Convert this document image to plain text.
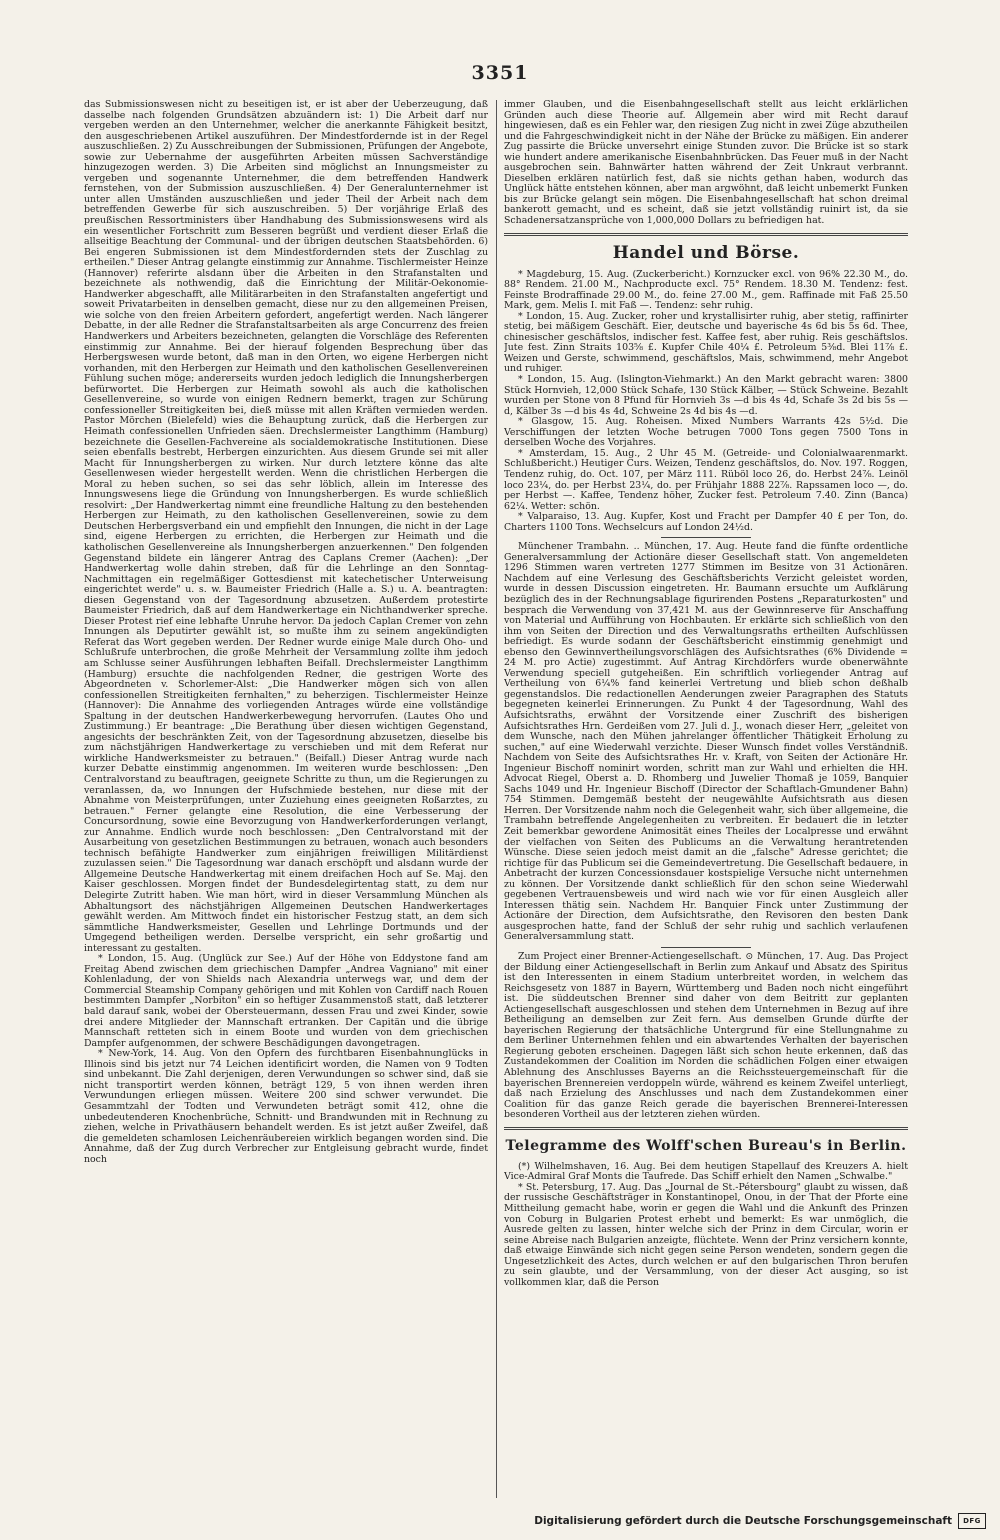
3351

das Submissionswesen nicht zu beseitigen ist, er ist aber der Ueberzeugung, daß dasselbe nach folgenden Grundsätzen abzuändern ist: 1) Die Arbeit darf nur vergeben werden an den Unternehmer, welcher die anerkannte Fähigkeit besitzt, den ausgeschriebenen Artikel auszuführen. Der Mindestfordernde ist in der Regel auszuschließen. 2) Zu Ausschreibungen der Submissionen, Prüfungen der Angebote, sowie zur Uebernahme der ausgeführten Arbeiten müssen Sachverständige hinzugezogen werden. 3) Die Arbeiten sind möglichst an Innungsmeister zu vergeben und sogenannte Unternehmer, die dem betreffenden Handwerk fernstehen, von der Submission auszuschließen. 4) Der Generalunternehmer ist unter allen Umständen auszuschließen und jeder Theil der Arbeit nach dem betreffenden Gewerbe für sich auszuschreiben. 5) Der vorjährige Erlaß des preußischen Ressortministers über Handhabung des Submissionswesens wird als ein wesentlicher Fortschritt zum Besseren begrüßt und verdient dieser Erlaß die allseitige Beachtung der Communal- und der übrigen deutschen Staatsbehörden. 6) Bei engeren Submissionen ist dem Mindestfordernden stets der Zuschlag zu ertheilen." Dieser Antrag gelangte einstimmig zur Annahme. Tischlermeister Heinze (Hannover) referirte alsdann über die Arbeiten in den Strafanstalten und bezeichnete als nothwendig, daß die Einrichtung der Militär-Oekonomie-Handwerker abgeschafft, alle Militärarbeiten in den Strafanstalten angefertigt und soweit Privatarbeiten in denselben gemacht, diese nur zu den allgemeinen Preisen, wie solche von den freien Arbeitern gefordert, angefertigt werden. Nach längerer Debatte, in der alle Redner die Strafanstaltsarbeiten als arge Concurrenz des freien Handwerkers und Arbeiters bezeichneten, gelangten die Vorschläge des Referenten einstimmig zur Annahme. Bei der hierauf folgenden Besprechung über das Herbergswesen wurde betont, daß man in den Orten, wo eigene Herbergen nicht vorhanden, mit den Herbergen zur Heimath und den katholischen Gesellenvereinen Fühlung suchen möge; andererseits wurden jedoch lediglich die Innungsherbergen befürwortet. Die Herbergen zur Heimath sowohl als auch die katholischen Gesellenvereine, so wurde von einigen Rednern bemerkt, tragen zur Schürung confessioneller Streitigkeiten bei, dieß müsse mit allen Kräften vermieden werden. Pastor Mörchen (Bielefeld) wies die Behauptung zurück, daß die Herbergen zur Heimath confessionellen Unfrieden säen. Drechslermeister Langthimm (Hamburg) bezeichnete die Gesellen-Fachvereine als socialdemokratische Institutionen. Diese seien ebenfalls bestrebt, Herbergen einzurichten. Aus diesem Grunde sei mit aller Macht für Innungsherbergen zu wirken. Nur durch letztere könne das alte Gesellenwesen wieder hergestellt werden. Wenn die christlichen Herbergen die Moral zu heben suchen, so sei das sehr löblich, allein im Interesse des Innungswesens liege die Gründung von Innungsherbergen. Es wurde schließlich resolvirt: „Der Handwerkertag nimmt eine freundliche Haltung zu den bestehenden Herbergen zur Heimath, zu den katholischen Gesellenvereinen, sowie zu dem Deutschen Herbergsverband ein und empfiehlt den Innungen, die nicht in der Lage sind, eigene Herbergen zu errichten, die Herbergen zur Heimath und die katholischen Gesellenvereine als Innungsherbergen anzuerkennen." Den folgenden Gegenstand bildete ein längerer Antrag des Caplans Cremer (Aachen): „Der Handwerkertag wolle dahin streben, daß für die Lehrlinge an den Sonntag-Nachmittagen ein regelmäßiger Gottesdienst mit katechetischer Unterweisung eingerichtet werde" u. s. w. Baumeister Friedrich (Halle a. S.) u. A. beantragten: diesen Gegenstand von der Tagesordnung abzusetzen. Außerdem protestirte Baumeister Friedrich, daß auf dem Handwerkertage ein Nichthandwerker spreche. Dieser Protest rief eine lebhafte Unruhe hervor. Da jedoch Caplan Cremer von zehn Innungen als Deputirter gewählt ist, so mußte ihm zu seinem angekündigten Referat das Wort gegeben werden. Der Redner wurde einige Male durch Oho- und Schlußrufe unterbrochen, die große Mehrheit der Versammlung zollte ihm jedoch am Schlusse seiner Ausführungen lebhaften Beifall. Drechslermeister Langthimm (Hamburg) ersuchte die nachfolgenden Redner, die gestrigen Worte des Abgeordneten v. Schorlemer-Alst: „Die Handwerker mögen sich von allen confessionellen Streitigkeiten fernhalten," zu beherzigen. Tischlermeister Heinze (Hannover): Die Annahme des vorliegenden Antrages würde eine vollständige Spaltung in der deutschen Handwerkerbewegung hervorrufen. (Lautes Oho und Zustimmung.) Er beantrage: „Die Berathung über diesen wichtigen Gegenstand, angesichts der beschränkten Zeit, von der Tagesordnung abzusetzen, dieselbe bis zum nächstjährigen Handwerkertage zu verschieben und mit dem Referat nur wirkliche Handwerksmeister zu betrauen." (Beifall.) Dieser Antrag wurde nach kurzer Debatte einstimmig angenommen. Im weiteren wurde beschlossen: „Den Centralvorstand zu beauftragen, geeignete Schritte zu thun, um die Regierungen zu veranlassen, da, wo Innungen der Hufschmiede bestehen, nur diese mit der Abnahme von Meisterprüfungen, unter Zuziehung eines geeigneten Roßarztes, zu betrauen." Ferner gelangte eine Resolution, die eine Verbesserung der Concursordnung, sowie eine Bevorzugung von Handwerkerforderungen verlangt, zur Annahme. Endlich wurde noch beschlossen: „Den Centralvorstand mit der Ausarbeitung von gesetzlichen Bestimmungen zu betrauen, wonach auch besonders technisch befähigte Handwerker zum einjährigen freiwilligen Militärdienst zuzulassen seien." Die Tagesordnung war danach erschöpft und alsdann wurde der Allgemeine Deutsche Handwerkertag mit einem dreifachen Hoch auf Se. Maj. den Kaiser geschlossen. Morgen findet der Bundesdelegirtentag statt, zu dem nur Delegirte Zutritt haben. Wie man hört, wird in dieser Versammlung München als Abhaltungsort des nächstjährigen Allgemeinen Deutschen Handwerkertages gewählt werden. Am Mittwoch findet ein historischer Festzug statt, an dem sich sämmtliche Handwerksmeister, Gesellen und Lehrlinge Dortmunds und der Umgegend betheiligen werden. Derselbe verspricht, ein sehr großartig und interessant zu gestalten.

* London, 15. Aug. (Unglück zur See.) Auf der Höhe von Eddystone fand am Freitag Abend zwischen dem griechischen Dampfer „Andrea Vagniano" mit einer Kohlenladung, der von Shields nach Alexandria unterwegs war, und dem der Commercial Steamship Company gehörigen und mit Kohlen von Cardiff nach Rouen bestimmten Dampfer „Norbiton" ein so heftiger Zusammenstoß statt, daß letzterer bald darauf sank, wobei der Obersteuermann, dessen Frau und zwei Kinder, sowie drei andere Mitglieder der Mannschaft ertranken. Der Capitän und die übrige Mannschaft retteten sich in einem Boote und wurden von dem griechischen Dampfer aufgenommen, der schwere Beschädigungen davongetragen.

* New-York, 14. Aug. Von den Opfern des furchtbaren Eisenbahnunglücks in Illinois sind bis jetzt nur 74 Leichen identificirt worden, die Namen von 9 Todten sind unbekannt. Die Zahl derjenigen, deren Verwundungen so schwer sind, daß sie nicht transportirt werden können, beträgt 129, 5 von ihnen werden ihren Verwundungen erliegen müssen. Weitere 200 sind schwer verwundet. Die Gesammtzahl der Todten und Verwundeten beträgt somit 412, ohne die unbedeutenderen Knochenbrüche, Schnitt- und Brandwunden mit in Rechnung zu ziehen, welche in Privathäusern behandelt werden. Es ist jetzt außer Zweifel, daß die gemeldeten schamlosen Leichenräubereien wirklich begangen worden sind. Die Annahme, daß der Zug durch Verbrecher zur Entgleisung gebracht wurde, findet noch

immer Glauben, und die Eisenbahngesellschaft stellt aus leicht erklärlichen Gründen auch diese Theorie auf. Allgemein aber wird mit Recht darauf hingewiesen, daß es ein Fehler war, den riesigen Zug nicht in zwei Züge abzutheilen und die Fahrgeschwindigkeit nicht in der Nähe der Brücke zu mäßigen. Ein anderer Zug passirte die Brücke unversehrt einige Stunden zuvor. Die Brücke ist so stark wie hundert andere amerikanische Eisenbahnbrücken. Das Feuer muß in der Nacht ausgebrochen sein. Bahnwärter hatten während der Zeit Unkraut verbrannt. Dieselben erklären natürlich fest, daß sie nichts gethan haben, wodurch das Unglück hätte entstehen können, aber man argwöhnt, daß leicht unbemerkt Funken bis zur Brücke gelangt sein mögen. Die Eisenbahngesellschaft hat schon dreimal bankerott gemacht, und es scheint, daß sie jetzt vollständig ruinirt ist, da sie Schadenersatzansprüche von 1,000,000 Dollars zu befriedigen hat.

Handel und Börse.

* Magdeburg, 15. Aug. (Zuckerbericht.) Kornzucker excl. von 96% 22.30 M., do. 88° Rendem. 21.00 M., Nachproducte excl. 75° Rendem. 18.30 M. Tendenz: fest. Feinste Brodraffinade 29.00 M., do. feine 27.00 M., gem. Raffinade mit Faß 25.50 Mark, gem. Melis I. mit Faß —. Tendenz: sehr ruhig.

* London, 15. Aug. Zucker, roher und krystallisirter ruhig, aber stetig, raffinirter stetig, bei mäßigem Geschäft. Eier, deutsche und bayerische 4s 6d bis 5s 6d. Thee, chinesischer geschäftslos, indischer fest. Kaffee fest, aber ruhig. Reis geschäftslos. Jute fest. Zinn Straits 103⅝ £. Kupfer Chile 40¼ £. Petroleum 5⅜d. Blei 11⅞ £. Weizen und Gerste, schwimmend, geschäftslos, Mais, schwimmend, mehr Angebot und ruhiger.

* London, 15. Aug. (Islington-Viehmarkt.) An den Markt gebracht waren: 3800 Stück Hornvieh, 12,000 Stück Schafe, 130 Stück Kälber, — Stück Schweine. Bezahlt wurden per Stone von 8 Pfund für Hornvieh 3s —d bis 4s 4d, Schafe 3s 2d bis 5s —d, Kälber 3s —d bis 4s 4d, Schweine 2s 4d bis 4s —d.

* Glasgow, 15. Aug. Roheisen. Mixed Numbers Warrants 42s 5½d. Die Verschiffungen der letzten Woche betrugen 7000 Tons gegen 7500 Tons in derselben Woche des Vorjahres.

* Amsterdam, 15. Aug., 2 Uhr 45 M. (Getreide- und Colonialwaarenmarkt. Schlußbericht.) Heutiger Curs. Weizen, Tendenz geschäftslos, do. Nov. 197. Roggen, Tendenz ruhig, do. Oct. 107, per März 111. Rüböl loco 26, do. Herbst 24⅞. Leinöl loco 23¼, do. per Herbst 23¼, do. per Frühjahr 1888 22⅞. Rapssamen loco —, do. per Herbst —. Kaffee, Tendenz höher, Zucker fest. Petroleum 7.40. Zinn (Banca) 62¼. Wetter: schön.

* Valparaiso, 13. Aug. Kupfer, Kost und Fracht per Dampfer 40 £ per Ton, do. Charters 1100 Tons. Wechselcurs auf London 24½d.

Münchener Trambahn. .. München, 17. Aug. Heute fand die fünfte ordentliche Generalversammlung der Actionäre dieser Gesellschaft statt. Von angemeldeten 1296 Stimmen waren vertreten 1277 Stimmen im Besitze von 31 Actionären. Nachdem auf eine Verlesung des Geschäftsberichts Verzicht geleistet worden, wurde in dessen Discussion eingetreten. Hr. Baumann ersuchte um Aufklärung bezüglich des in der Rechnungsablage figurirenden Postens „Reparaturkosten" und besprach die Verwendung von 37,421 M. aus der Gewinnreserve für Anschaffung von Material und Aufführung von Hochbauten. Er erklärte sich schließlich von den ihm von Seiten der Direction und des Verwaltungsraths ertheilten Aufschlüssen befriedigt. Es wurde sodann der Geschäftsbericht einstimmig genehmigt und ebenso den Gewinnvertheilungsvorschlägen des Aufsichtsrathes (6% Dividende = 24 M. pro Actie) zugestimmt. Auf Antrag Kirchdörfers wurde obenerwähnte Verwendung speciell gutgeheißen. Ein schriftlich vorliegender Antrag auf Vertheilung von 6¼% fand keinerlei Vertretung und blieb schon deßhalb gegenstandslos. Die redactionellen Aenderungen zweier Paragraphen des Statuts begegneten keinerlei Erinnerungen. Zu Punkt 4 der Tagesordnung, Wahl des Aufsichtsraths, erwähnt der Vorsitzende einer Zuschrift des bisherigen Aufsichtsrathes Hrn. Gerdeißen vom 27. Juli d. J., wonach dieser Herr, „geleitet von dem Wunsche, nach den Mühen jahrelanger öffentlicher Thätigkeit Erholung zu suchen," auf eine Wiederwahl verzichte. Dieser Wunsch findet volles Verständniß. Nachdem von Seite des Aufsichtsrathes Hr. v. Kraft, von Seiten der Actionäre Hr. Ingenieur Bischoff nominirt worden, schritt man zur Wahl und erhielten die HH. Advocat Riegel, Oberst a. D. Rhomberg und Juwelier Thomaß je 1059, Banquier Sachs 1049 und Hr. Ingenieur Bischoff (Director der Schaftlach-Gmundener Bahn) 754 Stimmen. Demgemäß besteht der neugewählte Aufsichtsrath aus diesen Herren. Der Vorsitzende nahm noch die Gelegenheit wahr, sich über allgemeine, die Trambahn betreffende Angelegenheiten zu verbreiten. Er bedauert die in letzter Zeit bemerkbar gewordene Animosität eines Theiles der Localpresse und erwähnt der vielfachen von Seiten des Publicums an die Verwaltung herantretenden Wünsche. Diese seien jedoch meist damit an die „falsche" Adresse gerichtet; die richtige für das Publicum sei die Gemeindevertretung. Die Gesellschaft bedauere, in Anbetracht der kurzen Concessionsdauer kostspielige Versuche nicht unternehmen zu können. Der Vorsitzende dankt schließlich für den schon seine Wiederwahl gegebenen Vertrauensbeweis und wird nach wie vor für einen Ausgleich aller Interessen thätig sein. Nachdem Hr. Banquier Finck unter Zustimmung der Actionäre der Direction, dem Aufsichtsrathe, den Revisoren den besten Dank ausgesprochen hatte, fand der Schluß der sehr ruhig und sachlich verlaufenen Generalversammlung statt.

Zum Project einer Brenner-Actiengesellschaft. ⊙ München, 17. Aug. Das Project der Bildung einer Actiengesellschaft in Berlin zum Ankauf und Absatz des Spiritus ist den Interessenten in einem Stadium unterbreitet worden, in welchem das Reichsgesetz von 1887 in Bayern, Württemberg und Baden noch nicht eingeführt ist. Die süddeutschen Brenner sind daher von dem Beitritt zur geplanten Actiengesellschaft ausgeschlossen und stehen dem Unternehmen in Bezug auf ihre Betheiligung an demselben zur Zeit fern. Aus demselben Grunde dürfte der bayerischen Regierung der thatsächliche Untergrund für eine Stellungnahme zu dem Berliner Unternehmen fehlen und ein abwartendes Verhalten der bayerischen Regierung geboten erscheinen. Dagegen läßt sich schon heute erkennen, daß das Zustandekommen der Coalition im Norden die schädlichen Folgen einer etwaigen Ablehnung des Anschlusses Bayerns an die Reichssteuergemeinschaft für die bayerischen Brennereien verdoppeln würde, während es keinem Zweifel unterliegt, daß nach Erzielung des Anschlusses und nach dem Zustandekommen einer Coalition für das ganze Reich gerade die bayerischen Brennerei-Interessen besonderen Vortheil aus der letzteren ziehen würden.

Telegramme des Wolff'schen Bureau's in Berlin.

(*) Wilhelmshaven, 16. Aug. Bei dem heutigen Stapellauf des Kreuzers A. hielt Vice-Admiral Graf Monts die Taufrede. Das Schiff erhielt den Namen „Schwalbe."

* St. Petersburg, 17. Aug. Das „Journal de St.-Pétersbourg" glaubt zu wissen, daß der russische Geschäftsträger in Konstantinopel, Onou, in der That der Pforte eine Mittheilung gemacht habe, worin er gegen die Wahl und die Ankunft des Prinzen von Coburg in Bulgarien Protest erhebt und bemerkt: Es war unmöglich, die Ausrede gelten zu lassen, hinter welche sich der Prinz in dem Circular, worin er seine Abreise nach Bulgarien anzeigte, flüchtete. Wenn der Prinz versichern konnte, daß etwaige Einwände sich nicht gegen seine Person wendeten, sondern gegen die Ungesetzlichkeit des Actes, durch welchen er auf den bulgarischen Thron berufen zu sein glaubte, und der Versammlung, von der dieser Act ausging, so ist vollkommen klar, daß die Person

Digitalisierung gefördert durch die Deutsche Forschungsgemeinschaft	DFG
